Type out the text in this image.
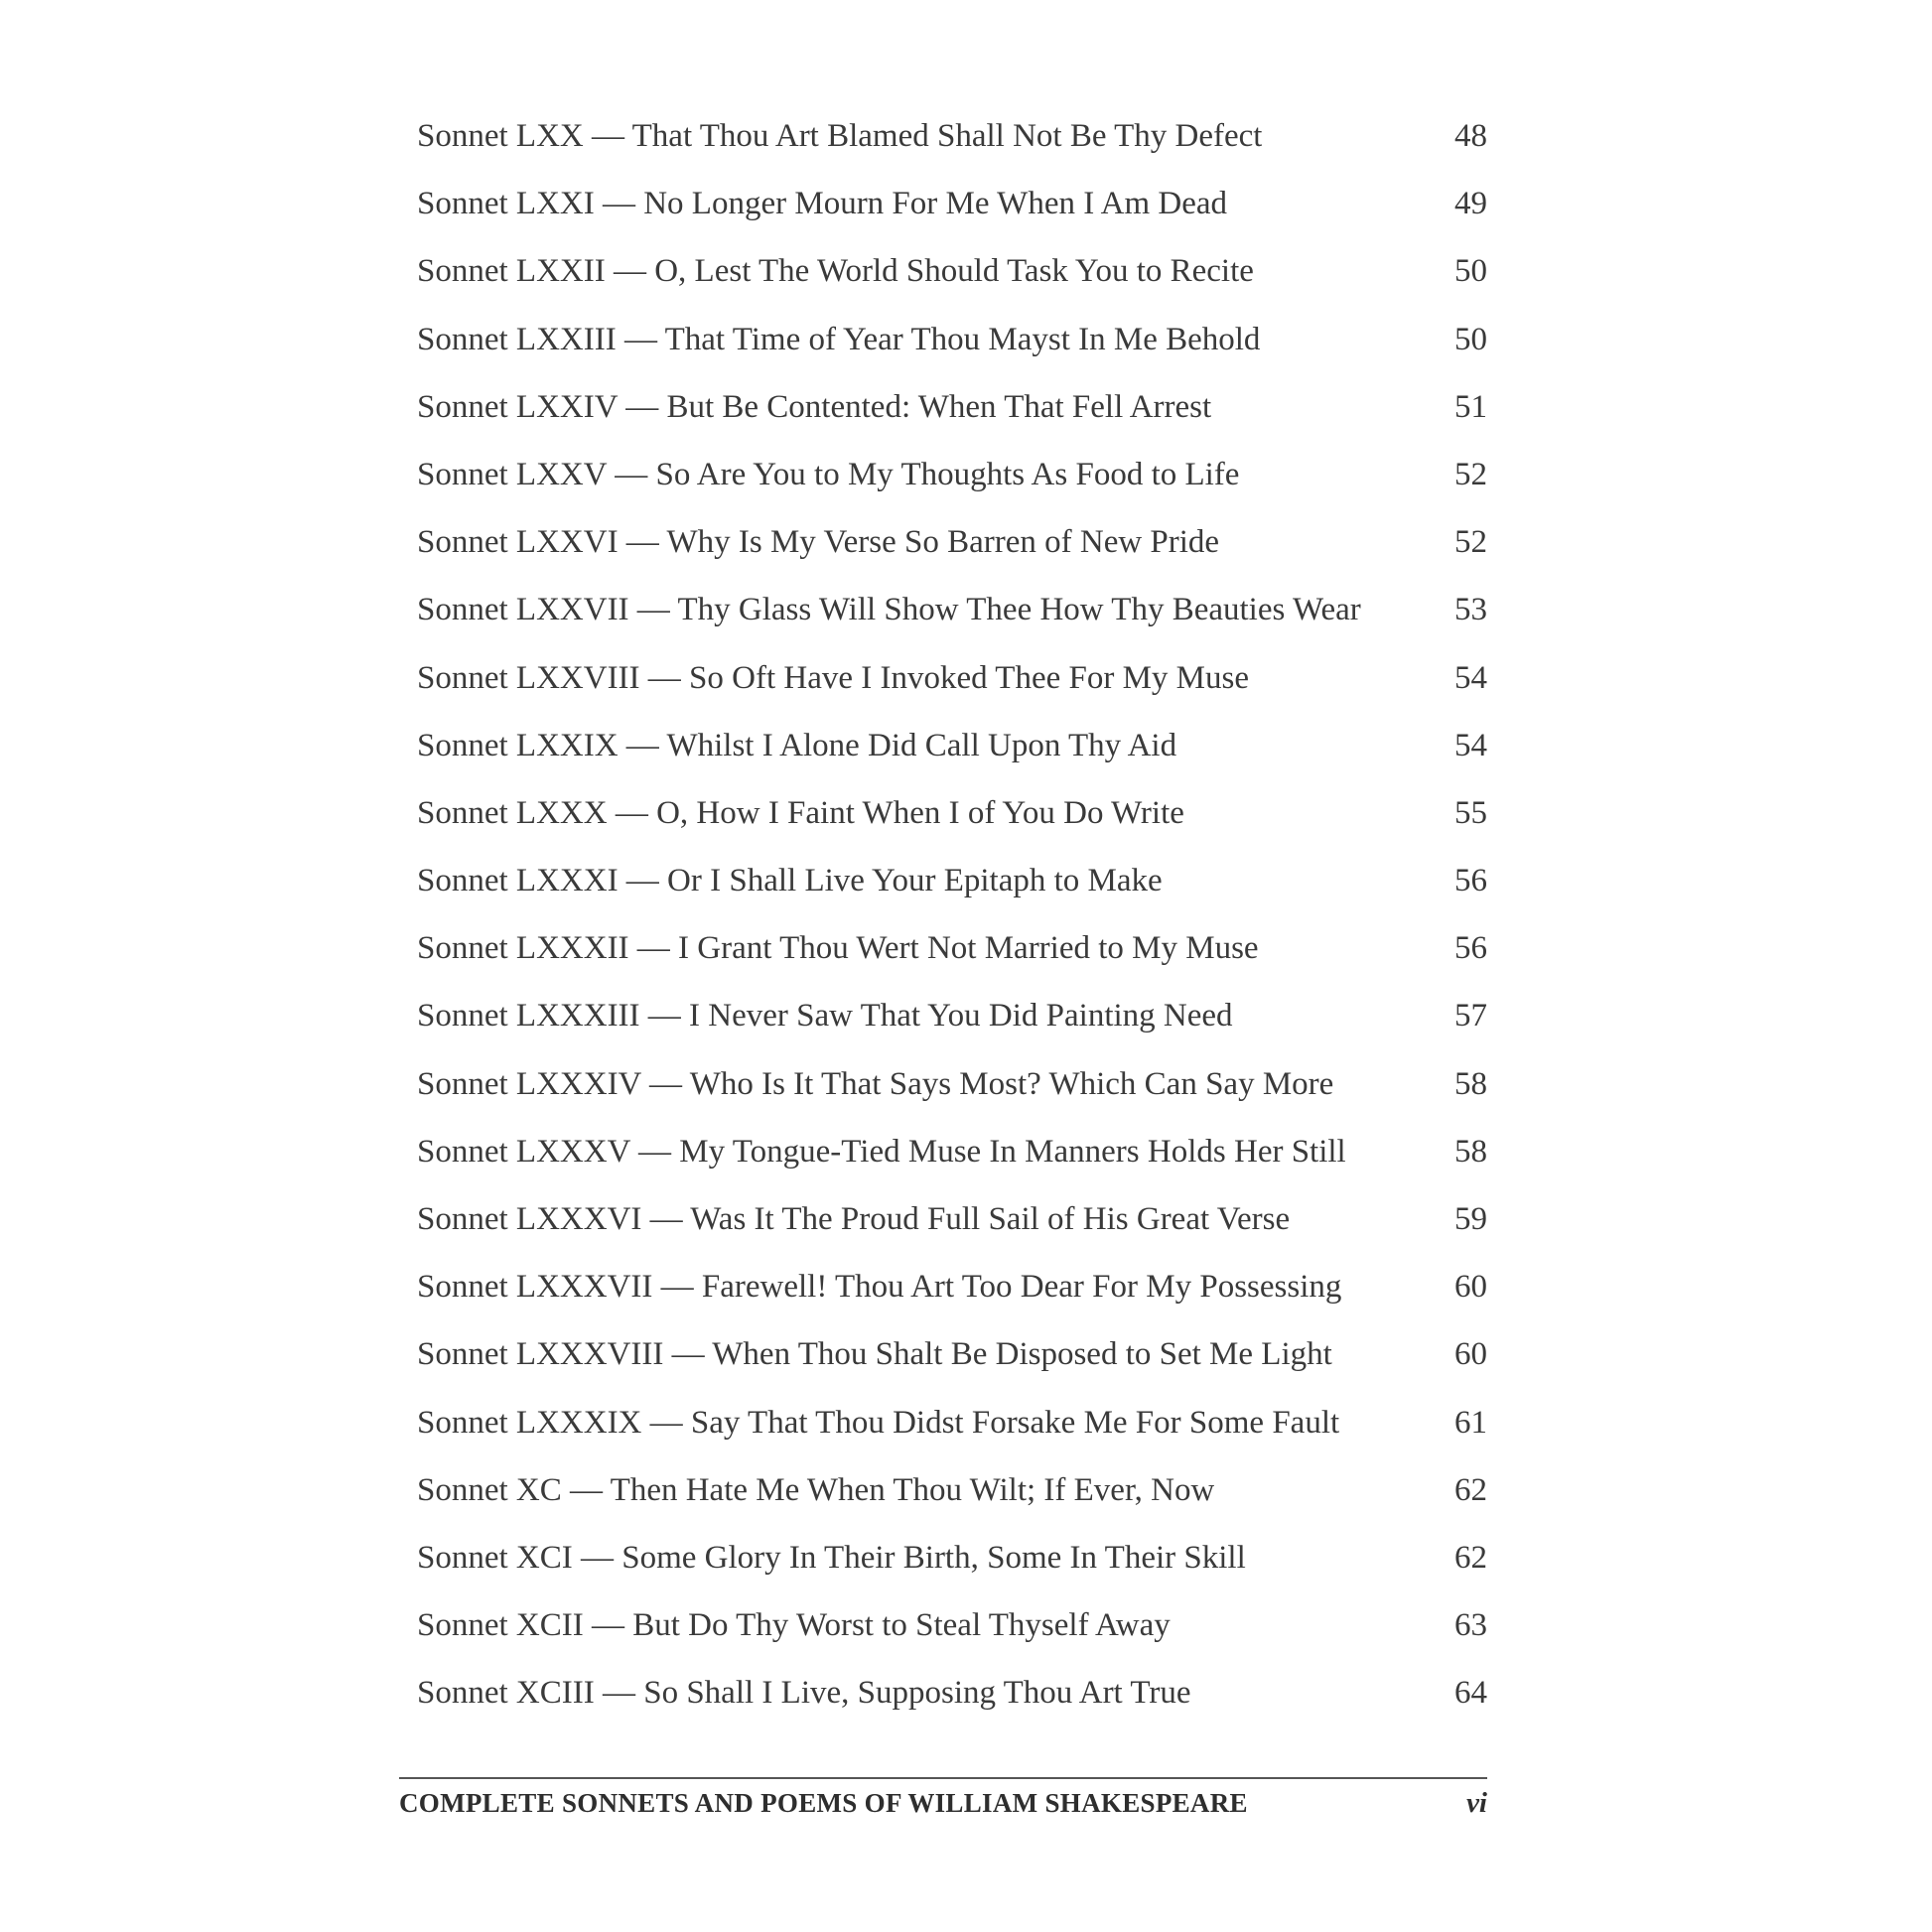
Sonnet LXX — That Thou Art Blamed Shall Not Be Thy Defect	48
Sonnet LXXI — No Longer Mourn For Me When I Am Dead	49
Sonnet LXXII — O, Lest The World Should Task You to Recite	50
Sonnet LXXIII — That Time of Year Thou Mayst In Me Behold	50
Sonnet LXXIV — But Be Contented: When That Fell Arrest	51
Sonnet LXXV — So Are You to My Thoughts As Food to Life	52
Sonnet LXXVI — Why Is My Verse So Barren of New Pride	52
Sonnet LXXVII — Thy Glass Will Show Thee How Thy Beauties Wear	53
Sonnet LXXVIII — So Oft Have I Invoked Thee For My Muse	54
Sonnet LXXIX — Whilst I Alone Did Call Upon Thy Aid	54
Sonnet LXXX — O, How I Faint When I of You Do Write	55
Sonnet LXXXI — Or I Shall Live Your Epitaph to Make	56
Sonnet LXXXII — I Grant Thou Wert Not Married to My Muse	56
Sonnet LXXXIII — I Never Saw That You Did Painting Need	57
Sonnet LXXXIV — Who Is It That Says Most? Which Can Say More	58
Sonnet LXXXV — My Tongue-Tied Muse In Manners Holds Her Still	58
Sonnet LXXXVI — Was It The Proud Full Sail of His Great Verse	59
Sonnet LXXXVII — Farewell! Thou Art Too Dear For My Possessing	60
Sonnet LXXXVIII — When Thou Shalt Be Disposed to Set Me Light	60
Sonnet LXXXIX — Say That Thou Didst Forsake Me For Some Fault	61
Sonnet XC — Then Hate Me When Thou Wilt; If Ever, Now	62
Sonnet XCI — Some Glory In Their Birth, Some In Their Skill	62
Sonnet XCII — But Do Thy Worst to Steal Thyself Away	63
Sonnet XCIII — So Shall I Live, Supposing Thou Art True	64
COMPLETE SONNETS AND POEMS OF WILLIAM SHAKESPEARE	vi
